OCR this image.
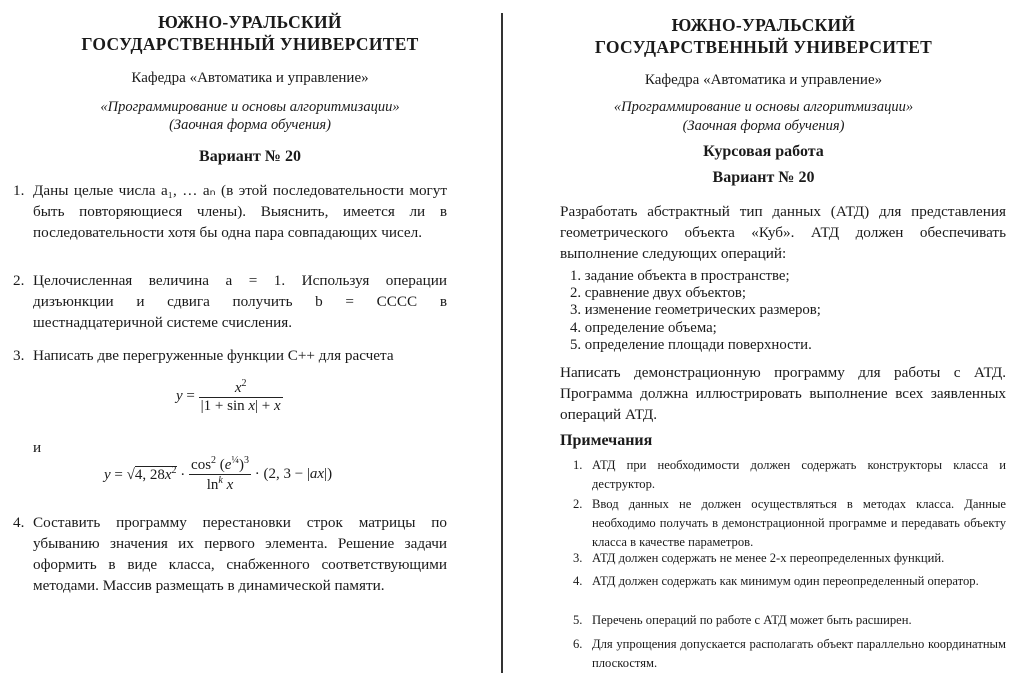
ЮЖНО-УРАЛЬСКИЙ
ГОСУДАРСТВЕННЫЙ УНИВЕРСИТЕТ
Кафедра «Автоматика и управление»
«Программирование и основы алгоритмизации»
(Заочная форма обучения)
Вариант № 20
1. Даны целые числа a₁, … aₙ (в этой последовательности могут быть повторяющиеся члены). Выяснить, имеется ли в последовательности хотя бы одна пара совпадающих чисел.
2. Целочисленная величина a = 1. Используя операции дизъюнкции и сдвига получить b = CCCC в шестнадцатеричной системе счисления.
3. Написать две перегруженные функции C++ для расчета
$y = \frac{x^2}{\text{|1 + sin x| + x}}$
и
y = √4, $28x^2 \cdot \frac{\cos^2 (e^{\frac{1}{4}})^3}{\ln^k x} \cdot (2$, 3 − |ax|)
4. Составить программу перестановки строк матрицы по убыванию значения их первого элемента. Решение задачи оформить в виде класса, снабженного соответствующими методами. Массив размещать в динамической памяти.
ЮЖНО-УРАЛЬСКИЙ
ГОСУДАРСТВЕННЫЙ УНИВЕРСИТЕТ
Кафедра «Автоматика и управление»
«Программирование и основы алгоритмизации»
(Заочная форма обучения)
Курсовая работа
Вариант № 20
Разработать абстрактный тип данных (АТД) для представления геометрического объекта «Куб». АТД должен обеспечивать выполнение следующих операций:
1. задание объекта в пространстве;
2. сравнение двух объектов;
3. изменение геометрических размеров;
4. определение объема;
5. определение площади поверхности.
Написать демонстрационную программу для работы с АТД. Программа должна иллюстрировать выполнение всех заявленных операций АТД.
Примечания
1. АТД при необходимости должен содержать конструкторы класса и деструктор.
2. Ввод данных не должен осуществляться в методах класса. Данные необходимо получать в демонстрационной программе и передавать объекту класса в качестве параметров.
3. АТД должен содержать не менее 2-х переопределенных функций.
4. АТД должен содержать как минимум один переопределенный оператор.
5. Перечень операций по работе с АТД может быть расширен.
6. Для упрощения допускается располагать объект параллельно координатным плоскостям.
